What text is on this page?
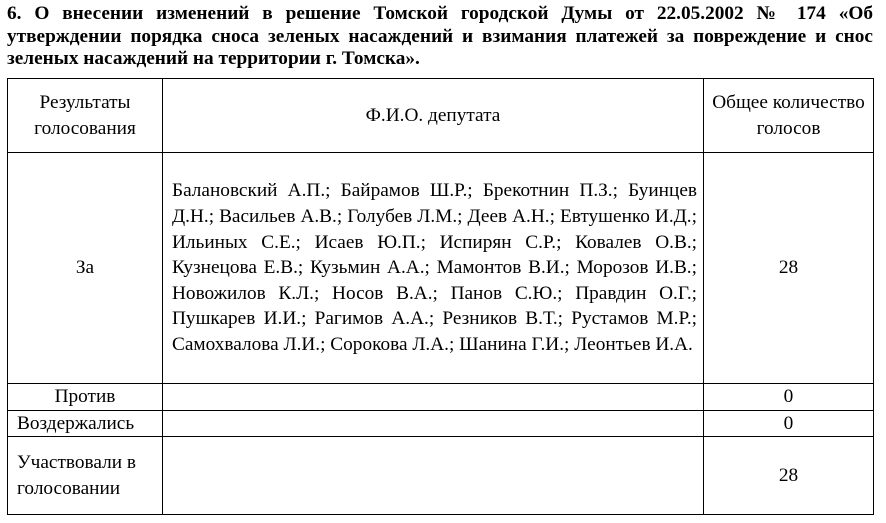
6. О внесении изменений в решение Томской городской Думы от 22.05.2002 № 174 «Об утверждении порядка сноса зеленых насаждений и взимания платежей за повреждение и снос зеленых насаждений на территории г. Томска».
Результаты голосования	Ф.И.О. депутата	Общее количество голосов
За	Балановский А.П.; Байрамов Ш.Р.; Брекотнин П.З.; Буинцев Д.Н.; Васильев А.В.; Голубев Л.М.; Деев А.Н.; Евтушенко И.Д.; Ильиных С.Е.; Исаев Ю.П.; Испирян С.Р.; Ковалев О.В.; Кузнецова Е.В.; Кузьмин А.А.; Мамонтов В.И.; Морозов И.В.; Новожилов К.Л.; Носов В.А.; Панов С.Ю.; Правдин О.Г.; Пушкарев И.И.; Рагимов А.А.; Резников В.Т.; Рустамов М.Р.; Самохвалова Л.И.; Сорокова Л.А.; Шанина Г.И.; Леонтьев И.А.	28
Против		0
Воздержались		0
Участвовали в голосовании		28
